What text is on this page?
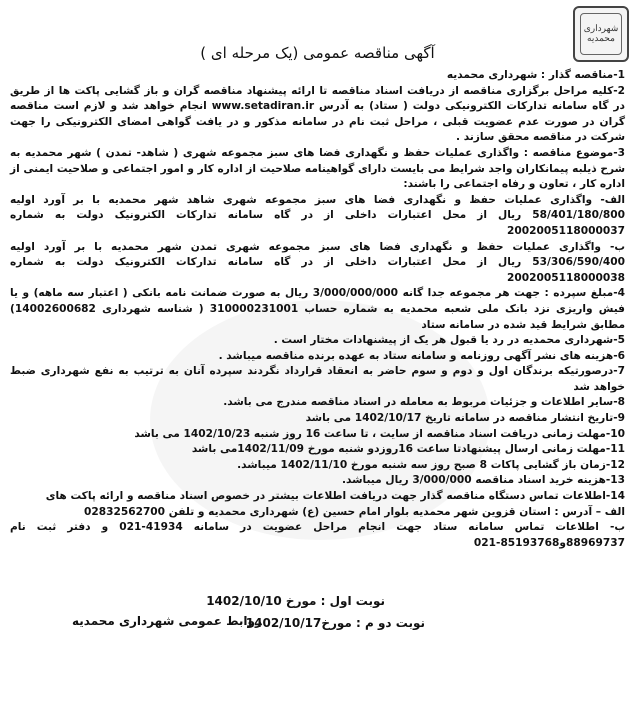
شهرداری محمدیه
آگهی مناقصه عمومی (یک مرحله ای )

1-مناقصه گذار : شهرداری محمدیه

2-کلیه مراحل برگزاری مناقصه از دریافت اسناد مناقصه تا ارائه پیشنهاد مناقصه گران و باز گشایی پاکت ها از طریق در گاه سامانه تدارکات الکترونیکی دولت ( ستاد) به آدرس www.setadiran.ir انجام خواهد شد و لازم است مناقصه گران در صورت عدم عضویت قبلی ، مراحل ثبت نام در سامانه مذکور و در یافت گواهی امضای الکترونیکی را جهت شرکت در مناقصه محقق سازند .

3-موضوع مناقصه : واگذاری عملیات حفظ و نگهداری فضا های سبز مجموعه شهری ( شاهد- تمدن ) شهر محمدیه به شرح ذیلبه پیمانکاران واجد شرایط می بایست دارای گواهینامه صلاحیت از اداره کار و امور اجتماعی و صلاحیت ایمنی از اداره کار ، تعاون و رفاه اجتماعی را باشند:

الف- واگذاری عملیات حفظ و نگهداری فضا های سبز مجموعه شهری شاهد شهر محمدیه با بر آورد اولیه 58/401/180/800 ریال از محل اعتبارات داخلی از در گاه سامانه تدارکات الکترونیک دولت به شماره 2002005118000037

ب- واگذاری عملیات حفظ و نگهداری فضا های سبز مجموعه شهری تمدن شهر محمدیه با بر آورد اولیه 53/306/590/400 ریال از محل اعتبارات داخلی از در گاه سامانه تدارکات الکترونیک دولت به شماره 2002005118000038

4-مبلغ سپرده : جهت هر مجموعه جدا گانه 3/000/000/000 ریال به صورت ضمانت نامه بانکی ( اعتبار سه ماهه) و یا فیش واریزی نزد بانک ملی شعبه محمدیه به شماره حساب 310000231001 ( شناسه شهرداری 14002600682) مطابق شرایط قید شده در سامانه ستاد

5-شهرداری محمدیه در رد یا قبول هر یک از پیشنهادات مختار است .

6-هزینه های نشر آگهی روزنامه و سامانه ستاد به عهده برنده مناقصه میباشد .

7-درصورتیکه برندگان اول و دوم و سوم حاضر به انعقاد قرارداد نگردند سپرده آنان به ترتیب به نفع شهرداری ضبط خواهد شد

8-سایر اطلاعات و جزئیات مربوط به معامله در اسناد مناقصه مندرج می باشد.

9-تاریخ انتشار مناقصه در سامانه تاریخ 1402/10/17 می باشد

10-مهلت زمانی دریافت اسناد مناقصه از سایت ، تا ساعت 16 روز شنبه 1402/10/23 می باشد

11-مهلت زمانی ارسال پیشنهادتا ساعت 16روزدو شنبه مورخ 1402/11/09می باشد

12-زمان باز گشایی پاکات 8 صبح روز سه شنبه مورخ 1402/11/10 میباشد.

13-هزینه خرید اسناد مناقصه 3/000/000 ریال میباشد.

14-اطلاعات تماس دستگاه مناقصه گذار جهت دریافت اطلاعات بیشتر در خصوص اسناد مناقصه و ارائه پاکت های

الف – آدرس : استان قزوین شهر محمدیه بلوار امام حسین (ع) شهرداری محمدیه و تلفن 02832562700

ب- اطلاعات تماس سامانه ستاد جهت انجام مراحل عضویت در سامانه 41934-021 و دفتر ثبت نام 88969737و85193768-021

نوبت اول : مورخ 1402/10/10
نوبت دو م : مورخ1402/10/17
روابط عمومی شهرداری محمدیه
